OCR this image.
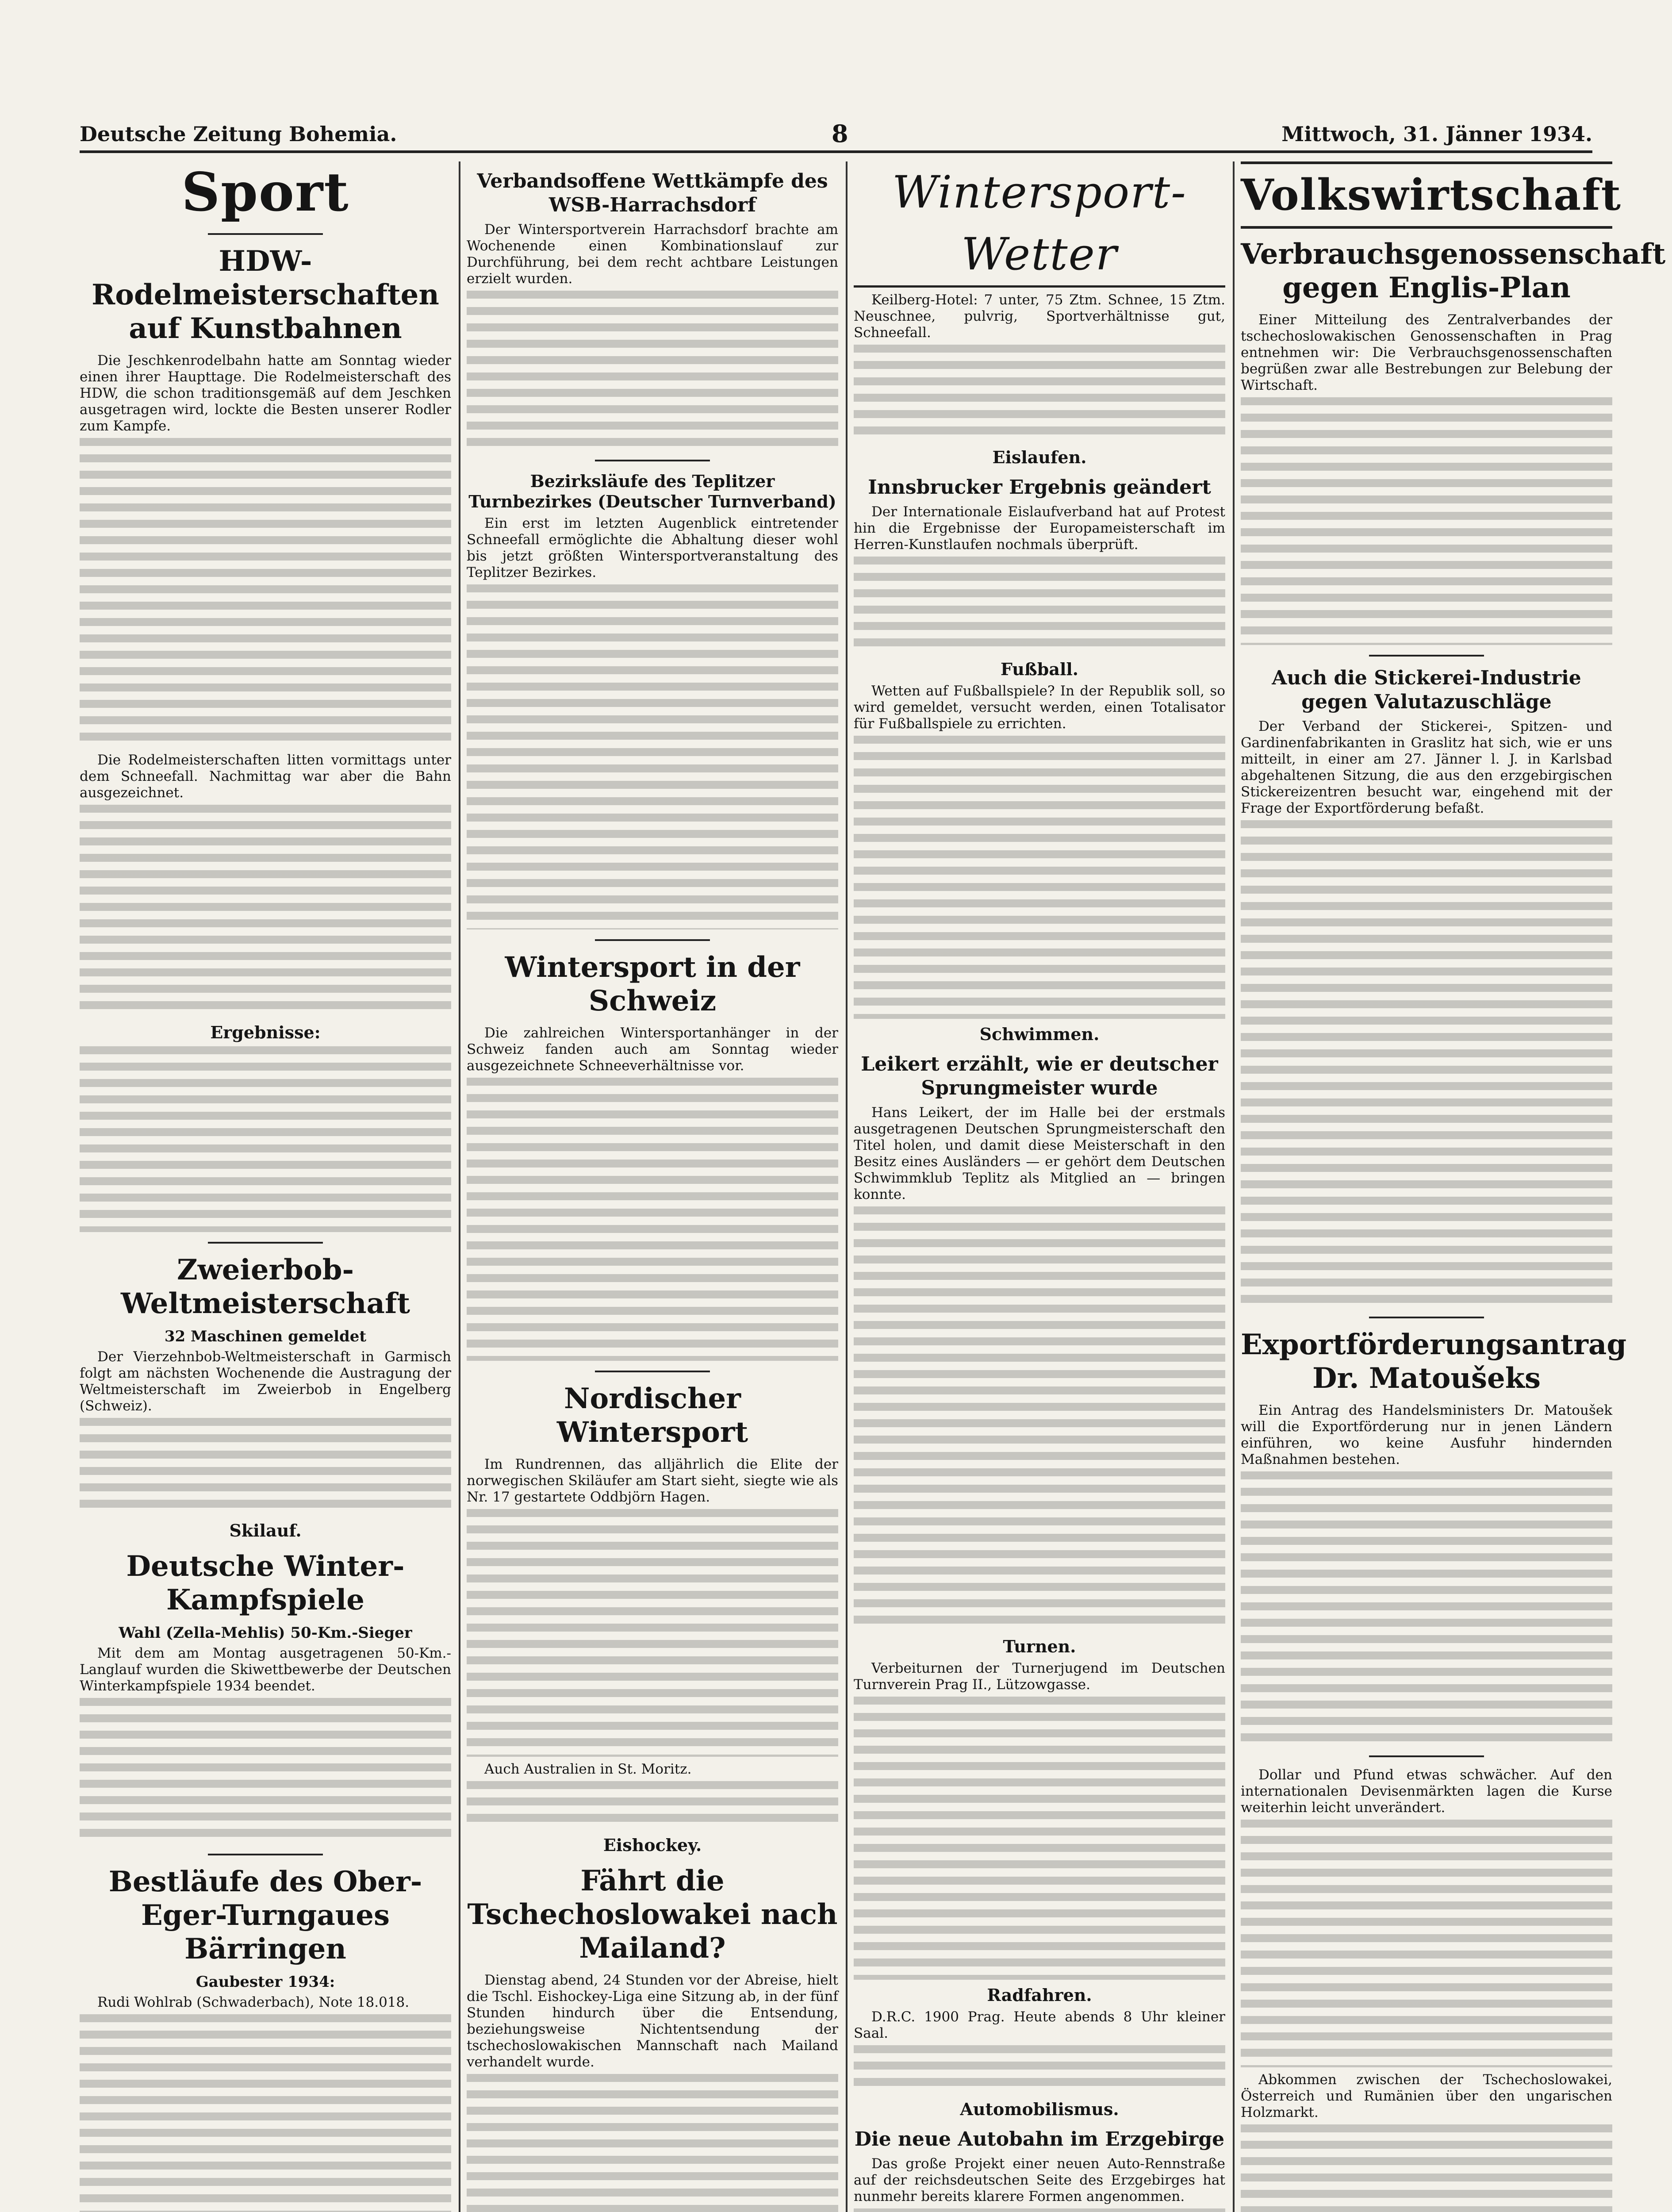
Deutsche Zeitung Bohemia.	8	Mittwoch, 31. Jänner 1934.
Sport
HDW-Rodelmeisterschaften auf Kunstbahnen

Die Jeschkenrodelbahn hatte am Sonntag wieder einen ihrer Haupttage. Die Rodelmeisterschaft des HDW, die schon traditionsgemäß auf dem Jeschken ausgetragen wird, lockte die Besten unserer Rodler zum Kampfe.

Die Rodelmeisterschaften litten vormittags unter dem Schneefall. Nachmittag war aber die Bahn ausgezeichnet.

Ergebnisse:
Zweierbob-Weltmeisterschaft
32 Maschinen gemeldet

Der Vierzehnbob-Weltmeisterschaft in Garmisch folgt am nächsten Wochenende die Austragung der Weltmeisterschaft im Zweierbob in Engelberg (Schweiz).

Skilauf.
Deutsche Winter-Kampfspiele
Wahl (Zella-Mehlis) 50-Km.-Sieger

Mit dem am Montag ausgetragenen 50-Km.-Langlauf wurden die Skiwettbewerbe der Deutschen Winterkampfspiele 1934 beendet.

Bestläufe des Ober-Eger-Turngaues Bärringen
Gaubester 1934:

Rudi Wohlrab (Schwaderbach), Note 18.018.

Verbandsoffene Wettkämpfe des WSB-Harrachsdorf

Der Wintersportverein Harrachsdorf brachte am Wochenende einen Kombinationslauf zur Durchführung, bei dem recht achtbare Leistungen erzielt wurden.

Bezirksläufe des Teplitzer Turnbezirkes (Deutscher Turnverband)

Ein erst im letzten Augenblick eintretender Schneefall ermöglichte die Abhaltung dieser wohl bis jetzt größten Wintersportveranstaltung des Teplitzer Bezirkes.

Wintersport in der Schweiz

Die zahlreichen Wintersportanhänger in der Schweiz fanden auch am Sonntag wieder ausgezeichnete Schneeverhältnisse vor.

Nordischer Wintersport

Im Rundrennen, das alljährlich die Elite der norwegischen Skiläufer am Start sieht, siegte wie als Nr. 17 gestartete Oddbjörn Hagen.

Auch Australien in St. Moritz.

Eishockey.
Fährt die Tschechoslowakei nach Mailand?

Dienstag abend, 24 Stunden vor der Abreise, hielt die Tschl. Eishockey-Liga eine Sitzung ab, in der fünf Stunden hindurch über die Entsendung, beziehungsweise Nichtentsendung der tschechoslowakischen Mannschaft nach Mailand verhandelt wurde.

Wintersport-Wetter

Keilberg-Hotel: 7 unter, 75 Ztm. Schnee, 15 Ztm. Neuschnee, pulvrig, Sportverhältnisse gut, Schneefall.

Eislaufen.
Innsbrucker Ergebnis geändert

Der Internationale Eislaufverband hat auf Protest hin die Ergebnisse der Europameisterschaft im Herren-Kunstlaufen nochmals überprüft.

Fußball.

Wetten auf Fußballspiele? In der Republik soll, so wird gemeldet, versucht werden, einen Totalisator für Fußballspiele zu errichten.

Schwimmen.
Leikert erzählt, wie er deutscher Sprungmeister wurde

Hans Leikert, der im Halle bei der erstmals ausgetragenen Deutschen Sprungmeisterschaft den Titel holen, und damit diese Meisterschaft in den Besitz eines Ausländers — er gehört dem Deutschen Schwimmklub Teplitz als Mitglied an — bringen konnte.

Turnen.

Verbeiturnen der Turnerjugend im Deutschen Turnverein Prag II., Lützowgasse.

Radfahren.

D.R.C. 1900 Prag. Heute abends 8 Uhr kleiner Saal.

Automobilismus.
Die neue Autobahn im Erzgebirge

Das große Projekt einer neuen Auto-Rennstraße auf der reichsdeutschen Seite des Erzgebirges hat nunmehr bereits klarere Formen angenommen.

Volkswirtschaft
Verbrauchsgenossenschaft gegen Englis-Plan

Einer Mitteilung des Zentralverbandes der tschechoslowakischen Genossenschaften in Prag entnehmen wir: Die Verbrauchsgenossenschaften begrüßen zwar alle Bestrebungen zur Belebung der Wirtschaft.

Auch die Stickerei-Industrie gegen Valutazuschläge

Der Verband der Stickerei-, Spitzen- und Gardinenfabrikanten in Graslitz hat sich, wie er uns mitteilt, in einer am 27. Jänner l. J. in Karlsbad abgehaltenen Sitzung, die aus den erzgebirgischen Stickereizentren besucht war, eingehend mit der Frage der Exportförderung befaßt.

Exportförderungsantrag Dr. Matoušeks

Ein Antrag des Handelsministers Dr. Matoušek will die Exportförderung nur in jenen Ländern einführen, wo keine Ausfuhr hindernden Maßnahmen bestehen.

Dollar und Pfund etwas schwächer. Auf den internationalen Devisenmärkten lagen die Kurse weiterhin leicht unverändert.

Abkommen zwischen der Tschechoslowakei, Österreich und Rumänien über den ungarischen Holzmarkt.
